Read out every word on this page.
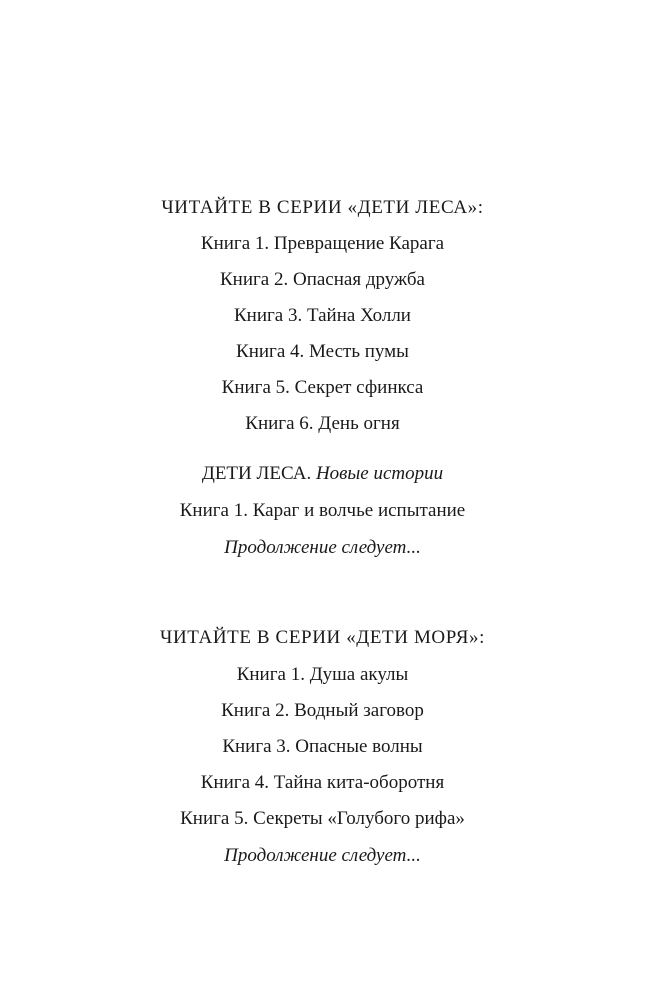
ЧИТАЙТЕ В СЕРИИ «ДЕТИ ЛЕСА»:
Книга 1. Превращение Карага
Книга 2. Опасная дружба
Книга 3. Тайна Холли
Книга 4. Месть пумы
Книга 5. Секрет сфинкса
Книга 6. День огня
ДЕТИ ЛЕСА. Новые истории
Книга 1. Караг и волчье испытание
Продолжение следует...
ЧИТАЙТЕ В СЕРИИ «ДЕТИ МОРЯ»:
Книга 1. Душа акулы
Книга 2. Водный заговор
Книга 3. Опасные волны
Книга 4. Тайна кита-оборотня
Книга 5. Секреты «Голубого рифа»
Продолжение следует...
